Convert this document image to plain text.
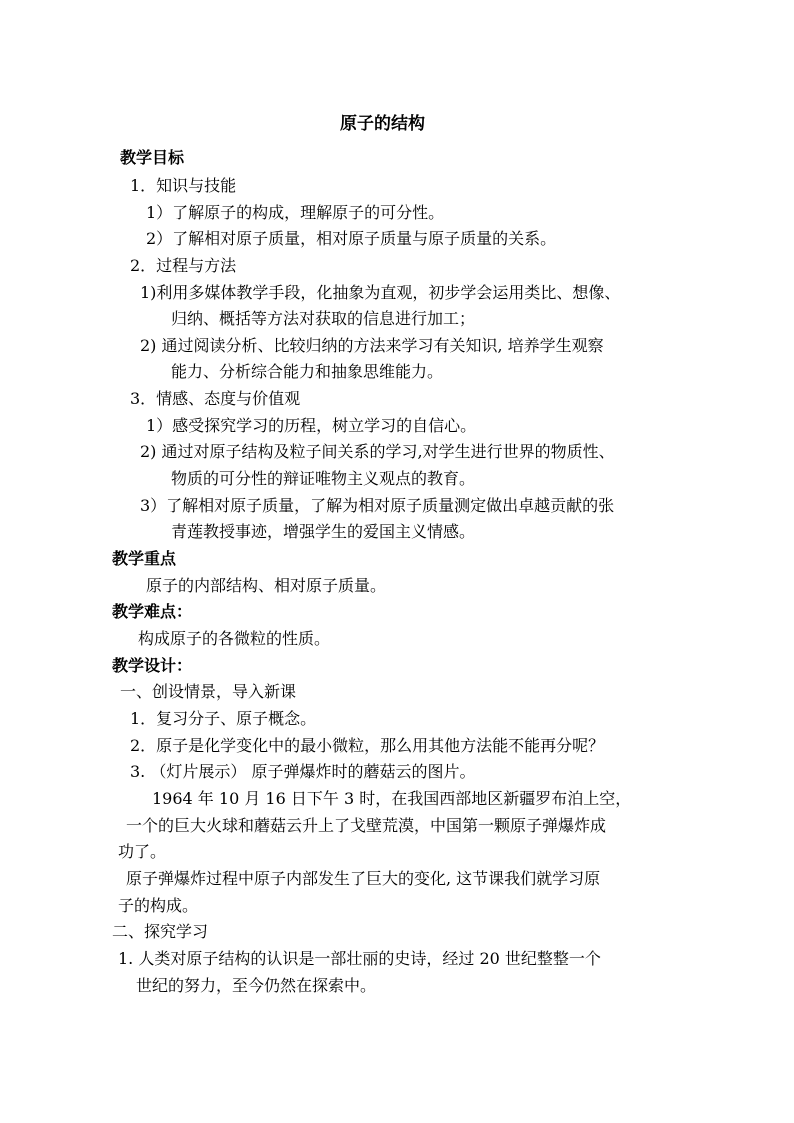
原子的结构
教学目标
1．知识与技能
1）了解原子的构成，理解原子的可分性。
2）了解相对原子质量，相对原子质量与原子质量的关系。
2．过程与方法
1)利用多媒体教学手段，化抽象为直观，初步学会运用类比、想像、
归纳、概括等方法对获取的信息进行加工；
2) 通过阅读分析、比较归纳的方法来学习有关知识, 培养学生观察
能力、分析综合能力和抽象思维能力。
3．情感、态度与价值观
1）感受探究学习的历程，树立学习的自信心。
2) 通过对原子结构及粒子间关系的学习,对学生进行世界的物质性、
物质的可分性的辩证唯物主义观点的教育。
3）了解相对原子质量，了解为相对原子质量测定做出卓越贡献的张
青莲教授事迹，增强学生的爱国主义情感。
教学重点
原子的内部结构、相对原子质量。
教学难点：
构成原子的各微粒的性质。
教学设计：
一、创设情景，导入新课
1．复习分子、原子概念。
2．原子是化学变化中的最小微粒，那么用其他方法能不能再分呢？
3. （灯片展示） 原子弹爆炸时的蘑菇云的图片。
1964 年 10 月 16 日下午 3 时，在我国西部地区新疆罗布泊上空，
一个的巨大火球和蘑菇云升上了戈壁荒漠，中国第一颗原子弹爆炸成
功了。
原子弹爆炸过程中原子内部发生了巨大的变化, 这节课我们就学习原
子的构成。
二、探究学习
1. 人类对原子结构的认识是一部壮丽的史诗，经过 20 世纪整整一个
世纪的努力，至今仍然在探索中。
